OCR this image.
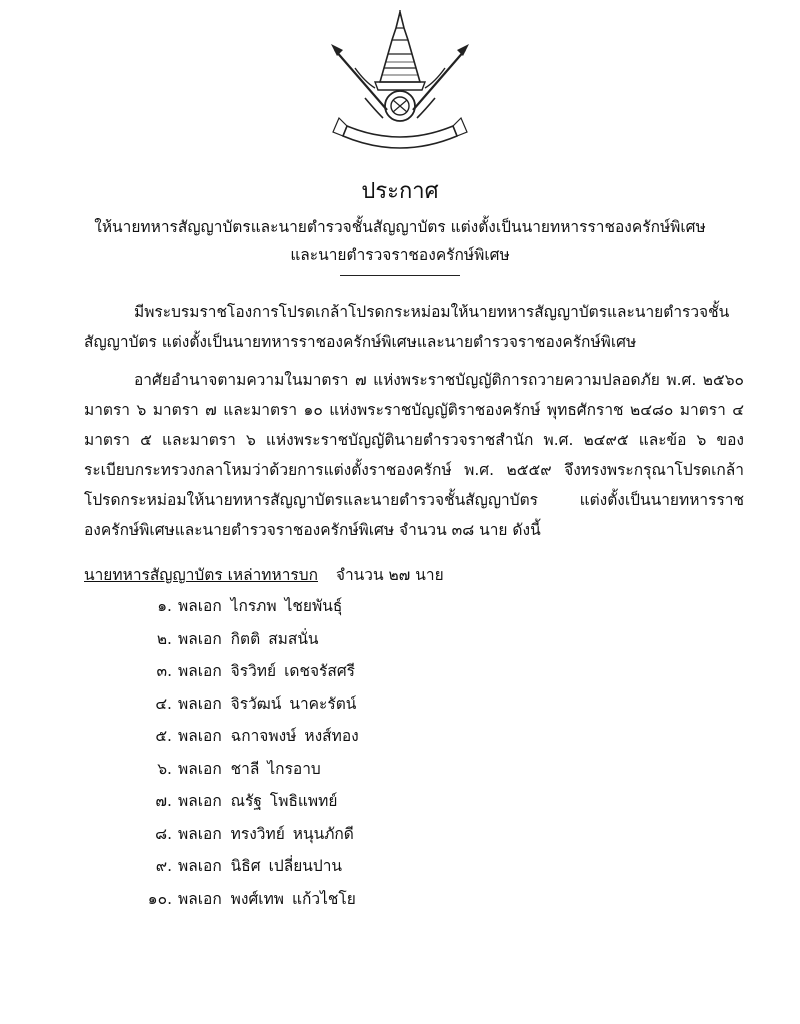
ประกาศ
ให้นายทหารสัญญาบัตรและนายตำรวจชั้นสัญญาบัตร แต่งตั้งเป็นนายทหารราชองครักษ์พิเศษ
และนายตำรวจราชองครักษ์พิเศษ
มีพระบรมราชโองการโปรดเกล้าโปรดกระหม่อมให้นายทหารสัญญาบัตรและนายตำรวจชั้นสัญญาบัตร แต่งตั้งเป็นนายทหารราชองครักษ์พิเศษและนายตำรวจราชองครักษ์พิเศษ
อาศัยอำนาจตามความในมาตรา ๗ แห่งพระราชบัญญัติการถวายความปลอดภัย พ.ศ. ๒๕๖๐ มาตรา ๖ มาตรา ๗ และมาตรา ๑๐ แห่งพระราชบัญญัติราชองครักษ์ พุทธศักราช ๒๔๘๐ มาตรา ๔ มาตรา ๕ และมาตรา ๖ แห่งพระราชบัญญัตินายตำรวจราชสำนัก พ.ศ. ๒๔๙๕ และข้อ ๖ ของระเบียบกระทรวงกลาโหมว่าด้วยการแต่งตั้งราชองครักษ์ พ.ศ. ๒๕๕๙ จึงทรงพระกรุณาโปรดเกล้าโปรดกระหม่อมให้นายทหารสัญญาบัตรและนายตำรวจชั้นสัญญาบัตร แต่งตั้งเป็นนายทหารราชองครักษ์พิเศษและนายตำรวจราชองครักษ์พิเศษ จำนวน ๓๘ นาย ดังนี้
นายทหารสัญญาบัตร เหล่าทหารบก จำนวน ๒๗ นาย
๑. พลเอก ไกรภพ ไชยพันธุ์
๒. พลเอก กิตติ สมสนั่น
๓. พลเอก จิรวิทย์ เดชจรัสศรี
๔. พลเอก จิรวัฒน์ นาคะรัตน์
๕. พลเอก ฉกาจพงษ์ หงส์ทอง
๖. พลเอก ชาลี ไกรอาบ
๗. พลเอก ณรัฐ โพธิแพทย์
๘. พลเอก ทรงวิทย์ หนุนภักดี
๙. พลเอก นิธิศ เปลี่ยนปาน
๑๐. พลเอก พงศ์เทพ แก้วไชโย
